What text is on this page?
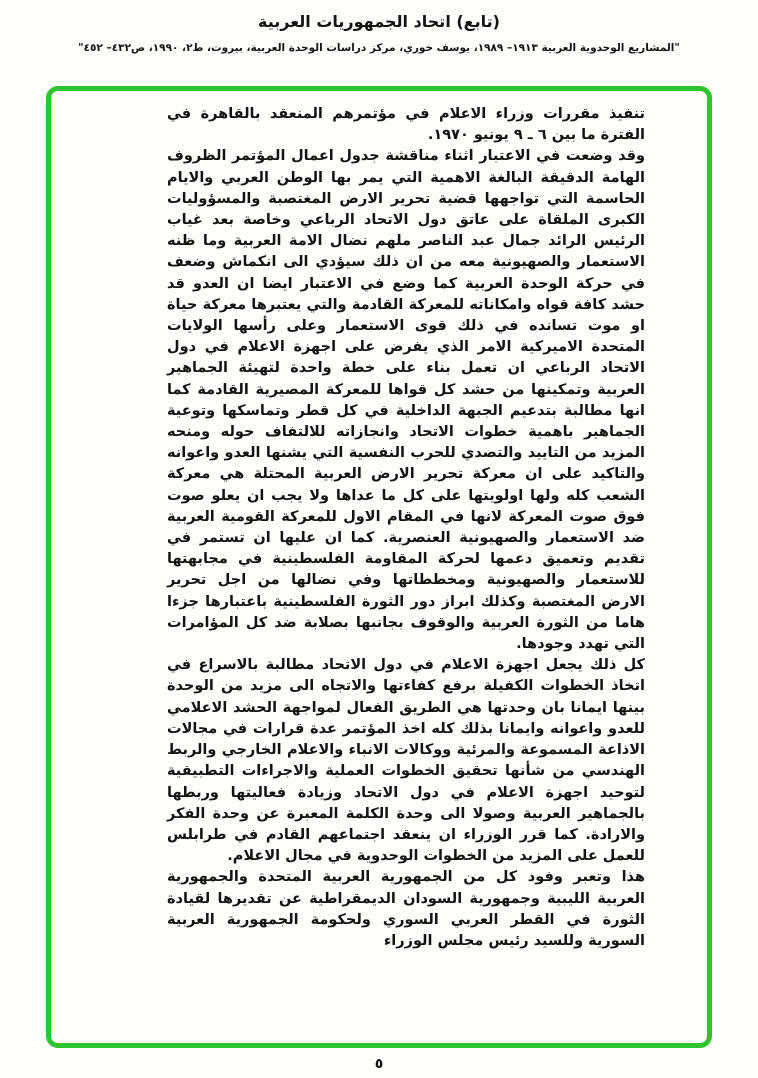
(تابع) اتحاد الجمهوريات العربية
"المشاريع الوحدوية العربية ١٩١٣– ١٩٨٩، يوسف خوري، مركز دراسات الوحدة العربية، بيروت، ط٢، ١٩٩٠، ص٤٣٢– ٤٥٢"

تنفيذ مقررات وزراء الاعلام في مؤتمرهم المنعقد بالقاهرة في الفترة ما بين ٦ ـ ٩ يونيو ١٩٧٠.

وقد وضعت في الاعتبار اثناء مناقشة جدول اعمال المؤتمر الظروف الهامة الدقيقة البالغة الاهمية التي يمر بها الوطن العربي والايام الحاسمة التي تواجهها قضية تحرير الارض المغتصبة والمسؤوليات الكبرى الملقاة على عاتق دول الاتحاد الرباعي وخاصة بعد غياب الرئيس الرائد جمال عبد الناصر ملهم نضال الامة العربية وما ظنه الاستعمار والصهيونية معه من ان ذلك سيؤدي الى انكماش وضعف في حركة الوحدة العربية كما وضع في الاعتبار ايضا ان العدو قد حشد كافة قواه وامكاناته للمعركة القادمة والتي يعتبرها معركة حياة او موت تسانده في ذلك قوى الاستعمار وعلى رأسها الولايات المتحدة الاميركية الامر الذي يفرض على اجهزة الاعلام في دول الاتحاد الرباعي ان تعمل بناء على خطة واحدة لتهيئة الجماهير العربية وتمكينها من حشد كل قواها للمعركة المصيرية القادمة كما انها مطالبة بتدعيم الجبهة الداخلية في كل قطر وتماسكها وتوعية الجماهير باهمية خطوات الاتحاد وانجازاته للالتفاف حوله ومنحه المزيد من التاييد والتصدي للحرب النفسية التي يشنها العدو واعوانه والتاكيد على ان معركة تحرير الارض العربية المحتلة هي معركة الشعب كله ولها اولويتها على كل ما عداها ولا يجب ان يعلو صوت فوق صوت المعركة لانها في المقام الاول للمعركة القومية العربية ضد الاستعمار والصهيونية العنصرية. كما ان عليها ان تستمر في تقديم وتعميق دعمها لحركة المقاومة الفلسطينية في مجابهتها للاستعمار والصهيونية ومخططاتها وفي نضالها من اجل تحرير الارض المغتصبة وكذلك ابراز دور الثورة الفلسطينية باعتبارها جزءا هاما من الثورة العربية والوقوف بجانبها بصلابة ضد كل المؤامرات التي تهدد وجودها.

كل ذلك يجعل اجهزة الاعلام في دول الاتحاد مطالبة بالاسراع في اتخاذ الخطوات الكفيلة برفع كفاءتها والاتجاه الى مزيد من الوحدة بينها ايمانا بان وحدتها هي الطريق الفعال لمواجهة الحشد الاعلامي للعدو واعوانه وايمانا بذلك كله اخذ المؤتمر عدة قرارات في مجالات الاذاعة المسموعة والمرئية ووكالات الانباء والاعلام الخارجي والربط الهندسي من شأنها تحقيق الخطوات العملية والاجراءات التطبيقية لتوحيد اجهزة الاعلام في دول الاتحاد وزيادة فعاليتها وربطها بالجماهير العربية وصولا الى وحدة الكلمة المعبرة عن وحدة الفكر والارادة. كما قرر الوزراء ان ينعقد اجتماعهم القادم في طرابلس للعمل على المزيد من الخطوات الوحدوية في مجال الاعلام.

هذا وتعبر وفود كل من الجمهورية العربية المتحدة والجمهورية العربية الليبية وجمهورية السودان الديمقراطية عن تقديرها لقيادة الثورة في القطر العربي السوري ولحكومة الجمهورية العربية السورية وللسيد رئيس مجلس الوزراء

٥
